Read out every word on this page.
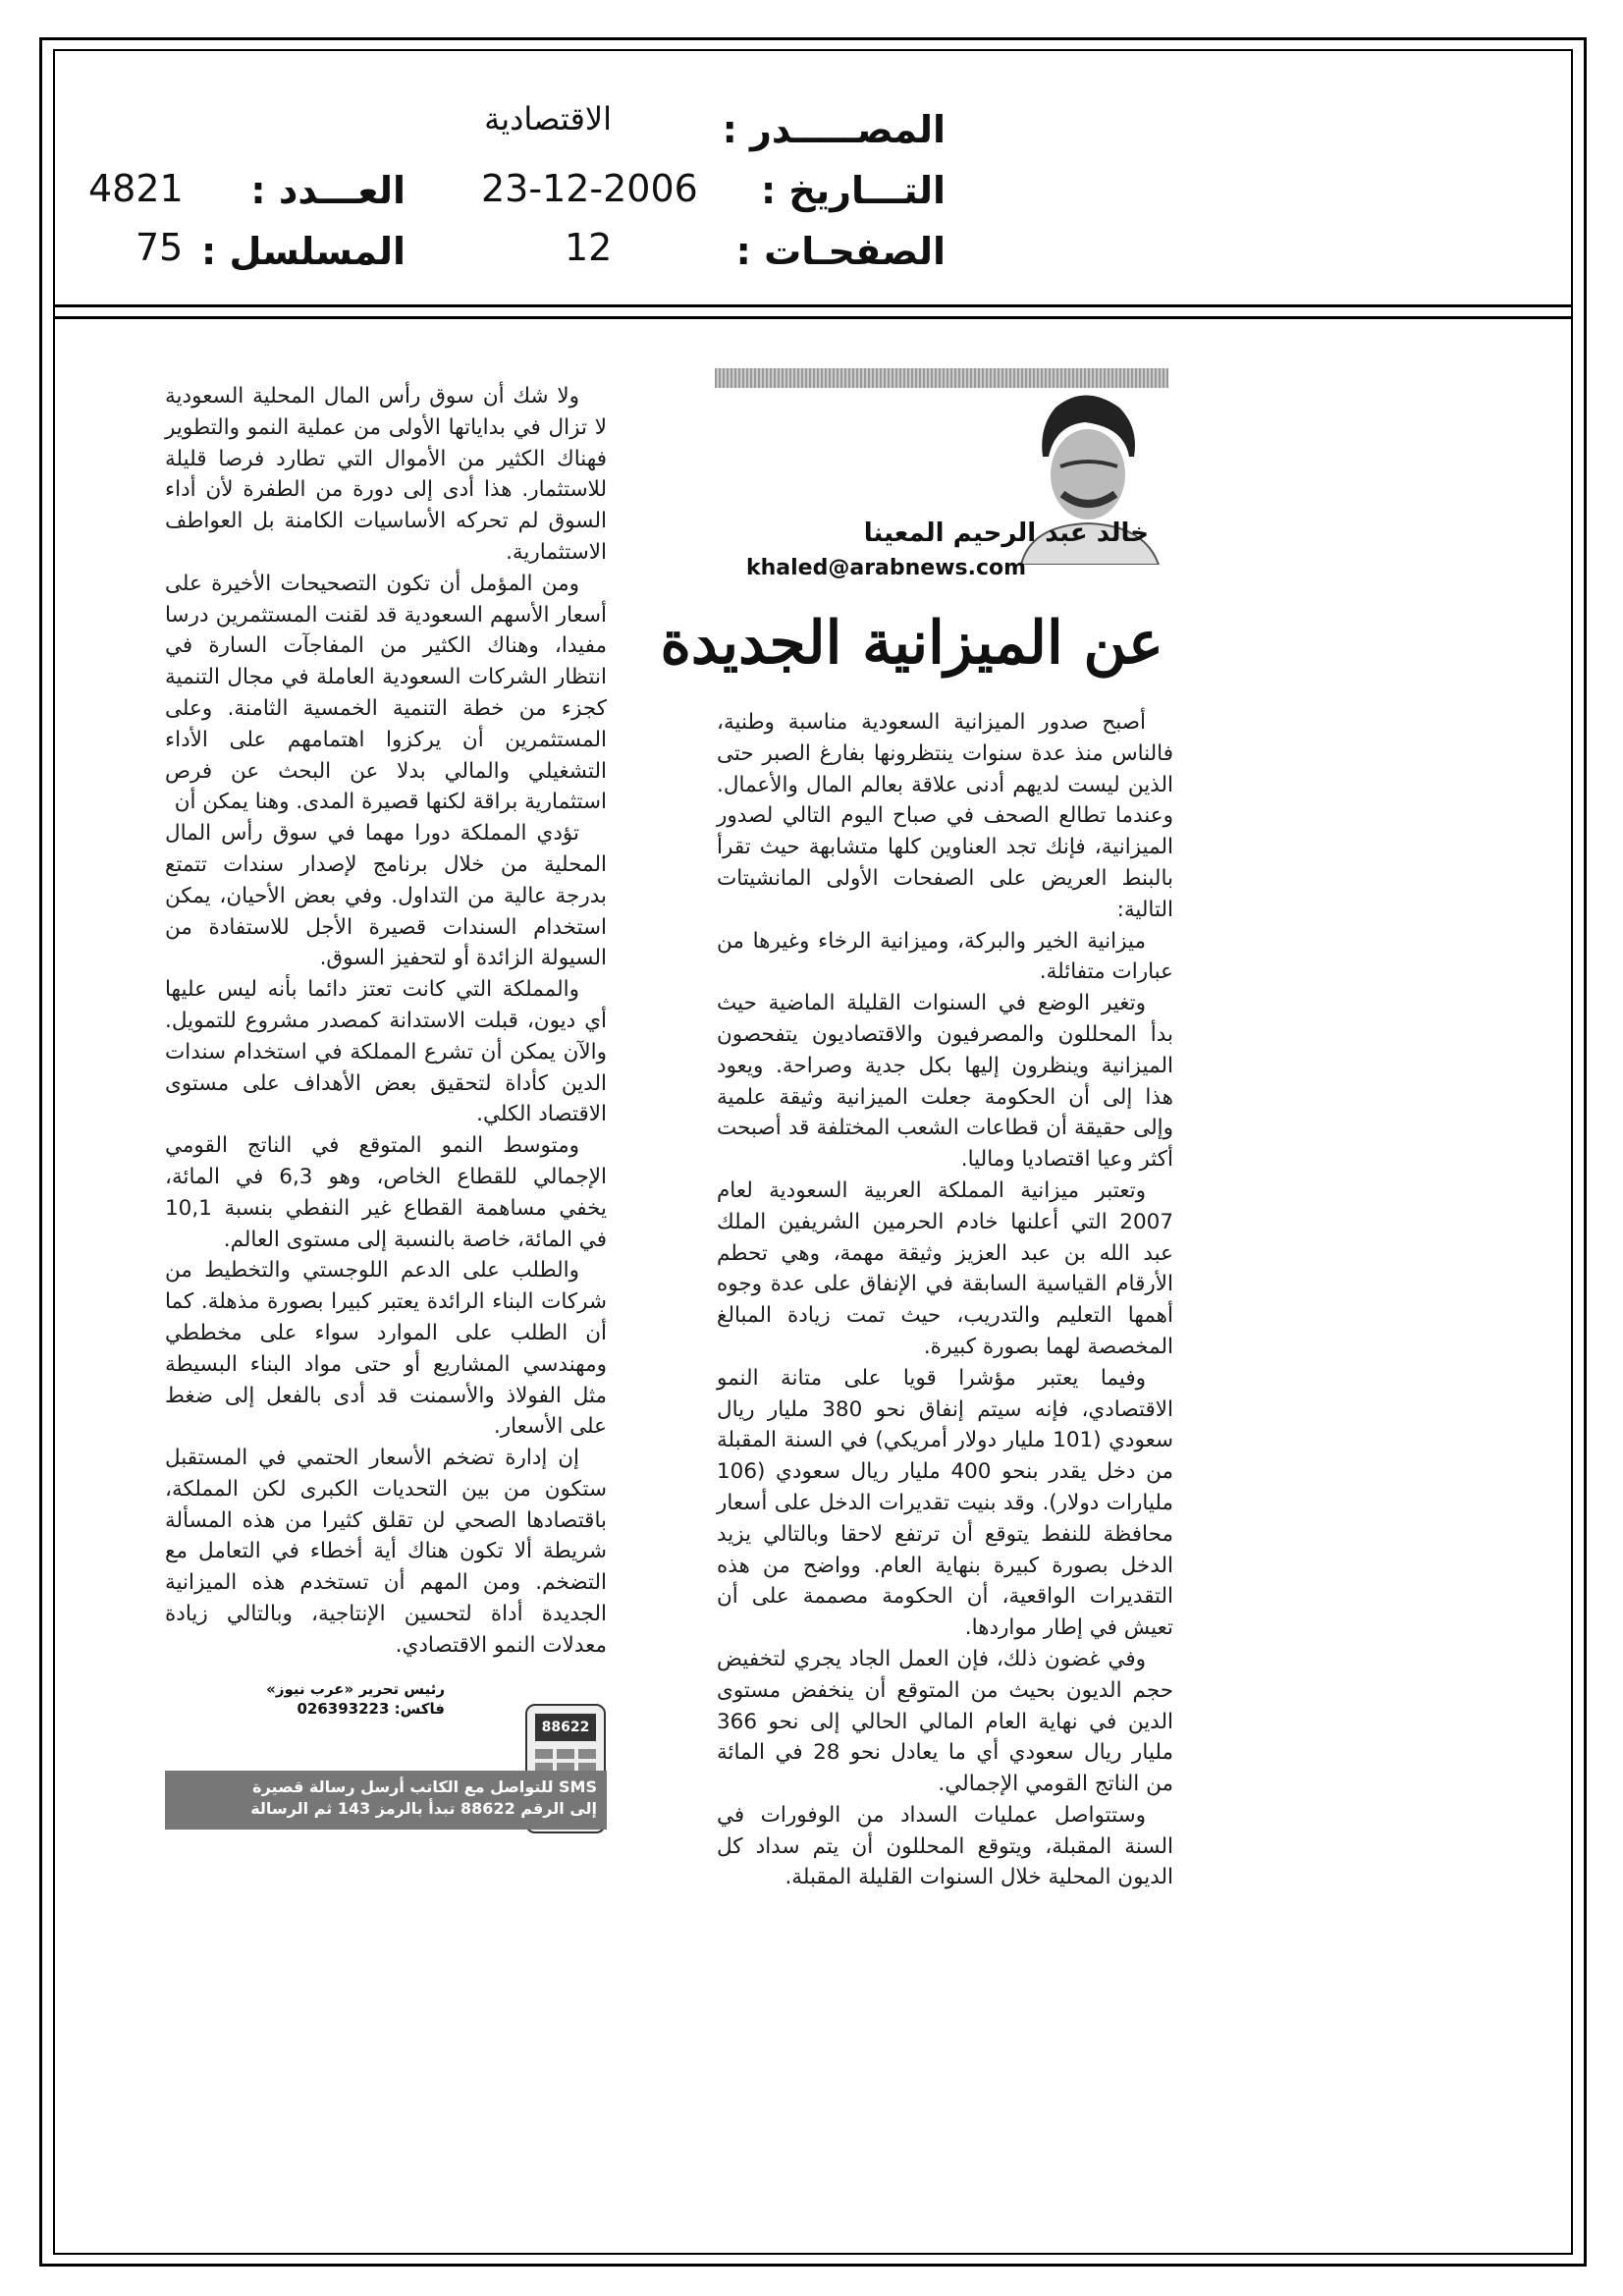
المصـــــدر :
الاقتصادية
التـــاريخ :
23-12-2006
العـــدد :
4821
الصفحـات :
12
المسلسل :
75
خالد عبد الرحيم المعينا
khaled@arabnews.com
عن الميزانية الجديدة

أصبح صدور الميزانية السعودية مناسبة وطنية، فالناس منذ عدة سنوات ينتظرونها بفارغ الصبر حتى الذين ليست لديهم أدنى علاقة بعالم المال والأعمال. وعندما تطالع الصحف في صباح اليوم التالي لصدور الميزانية، فإنك تجد العناوين كلها متشابهة حيث تقرأ بالبنط العريض على الصفحات الأولى المانشيتات التالية:

ميزانية الخير والبركة، وميزانية الرخاء وغيرها من عبارات متفائلة.

وتغير الوضع في السنوات القليلة الماضية حيث بدأ المحللون والمصرفيون والاقتصاديون يتفحصون الميزانية وينظرون إليها بكل جدية وصراحة. ويعود هذا إلى أن الحكومة جعلت الميزانية وثيقة علمية وإلى حقيقة أن قطاعات الشعب المختلفة قد أصبحت أكثر وعيا اقتصاديا وماليا.

وتعتبر ميزانية المملكة العربية السعودية لعام 2007 التي أعلنها خادم الحرمين الشريفين الملك عبد الله بن عبد العزيز وثيقة مهمة، وهي تحطم الأرقام القياسية السابقة في الإنفاق على عدة وجوه أهمها التعليم والتدريب، حيث تمت زيادة المبالغ المخصصة لهما بصورة كبيرة.

وفيما يعتبر مؤشرا قويا على متانة النمو الاقتصادي، فإنه سيتم إنفاق نحو 380 مليار ريال سعودي (101 مليار دولار أمريكي) في السنة المقبلة من دخل يقدر بنحو 400 مليار ريال سعودي (106 مليارات دولار). وقد بنيت تقديرات الدخل على أسعار محافظة للنفط يتوقع أن ترتفع لاحقا وبالتالي يزيد الدخل بصورة كبيرة بنهاية العام. وواضح من هذه التقديرات الواقعية، أن الحكومة مصممة على أن تعيش في إطار مواردها.

وفي غضون ذلك، فإن العمل الجاد يجري لتخفيض حجم الديون بحيث من المتوقع أن ينخفض مستوى الدين في نهاية العام المالي الحالي إلى نحو 366 مليار ريال سعودي أي ما يعادل نحو 28 في المائة من الناتج القومي الإجمالي.

وستتواصل عمليات السداد من الوفورات في السنة المقبلة، ويتوقع المحللون أن يتم سداد كل الديون المحلية خلال السنوات القليلة المقبلة.

ولا شك أن سوق رأس المال المحلية السعودية لا تزال في بداياتها الأولى من عملية النمو والتطوير فهناك الكثير من الأموال التي تطارد فرصا قليلة للاستثمار. هذا أدى إلى دورة من الطفرة لأن أداء السوق لم تحركه الأساسيات الكامنة بل العواطف الاستثمارية.

ومن المؤمل أن تكون التصحيحات الأخيرة على أسعار الأسهم السعودية قد لقنت المستثمرين درسا مفيدا، وهناك الكثير من المفاجآت السارة في انتظار الشركات السعودية العاملة في مجال التنمية كجزء من خطة التنمية الخمسية الثامنة. وعلى المستثمرين أن يركزوا اهتمامهم على الأداء التشغيلي والمالي بدلا عن البحث عن فرص استثمارية براقة لكنها قصيرة المدى. وهنا يمكن أن

تؤدي المملكة دورا مهما في سوق رأس المال المحلية من خلال برنامج لإصدار سندات تتمتع بدرجة عالية من التداول. وفي بعض الأحيان، يمكن استخدام السندات قصيرة الأجل للاستفادة من السيولة الزائدة أو لتحفيز السوق.

والمملكة التي كانت تعتز دائما بأنه ليس عليها أي ديون، قبلت الاستدانة كمصدر مشروع للتمويل. والآن يمكن أن تشرع المملكة في استخدام سندات الدين كأداة لتحقيق بعض الأهداف على مستوى الاقتصاد الكلي.

ومتوسط النمو المتوقع في الناتج القومي الإجمالي للقطاع الخاص، وهو 6,3 في المائة، يخفي مساهمة القطاع غير النفطي بنسبة 10,1 في المائة، خاصة بالنسبة إلى مستوى العالم.

والطلب على الدعم اللوجستي والتخطيط من شركات البناء الرائدة يعتبر كبيرا بصورة مذهلة. كما أن الطلب على الموارد سواء على مخططي ومهندسي المشاريع أو حتى مواد البناء البسيطة مثل الفولاذ والأسمنت قد أدى بالفعل إلى ضغط على الأسعار.

إن إدارة تضخم الأسعار الحتمي في المستقبل ستكون من بين التحديات الكبرى لكن المملكة، باقتصادها الصحي لن تقلق كثيرا من هذه المسألة شريطة ألا تكون هناك أية أخطاء في التعامل مع التضخم. ومن المهم أن تستخدم هذه الميزانية الجديدة أداة لتحسين الإنتاجية، وبالتالي زيادة معدلات النمو الاقتصادي.

رئيس تحرير «عرب نيوز»
فاكس: 026393223
88622
SMS للتواصل مع الكاتب أرسل رسالة قصيرة
إلى الرقم 88622 تبدأ بالرمز 143 ثم الرسالة
